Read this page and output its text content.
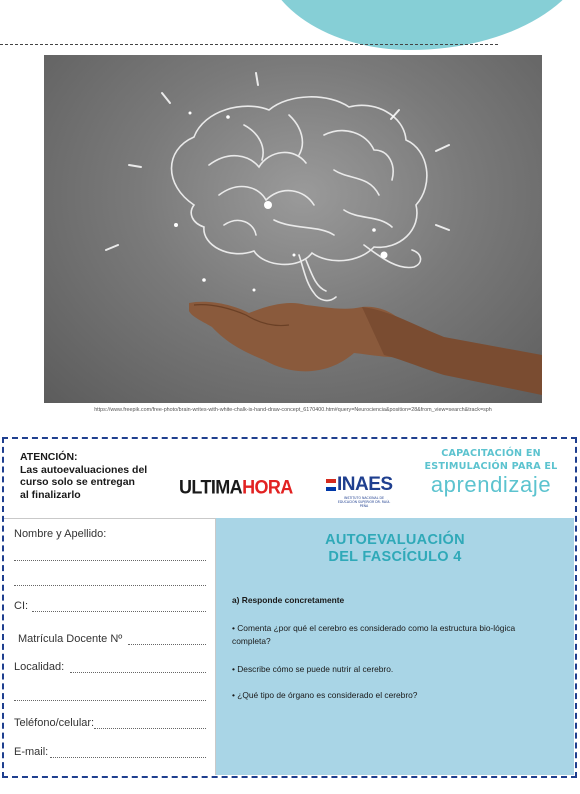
https://www.freepik.com/free-photo/brain-writes-with-white-chalk-is-hand-draw-concept_6170400.htm#query=Neurociencia&position=28&from_view=search&track=sph
ATENCIÓN:
Las autoevaluaciones del
curso solo se entregan
al finalizarlo	ULTIMAHORA INAES
INSTITUTO NACIONAL DE EDUCACIÓN SUPERIOR DR. RAÚL PEÑA
CAPACITACIÓN EN
ESTIMULACIÓN PARA EL
aprendizaje
Nombre y Apellido:
CI:
Matrícula Docente Nº
Localidad:
Teléfono/celular:
E-mail:
AUTOEVALUACIÓN
DEL FASCÍCULO 4
a) Responde concretamente
• Comenta ¿por qué el cerebro es considerado como la estructura bio-lógica completa?
• Describe cómo se puede nutrir al cerebro.
• ¿Qué tipo de órgano es considerado el cerebro?
